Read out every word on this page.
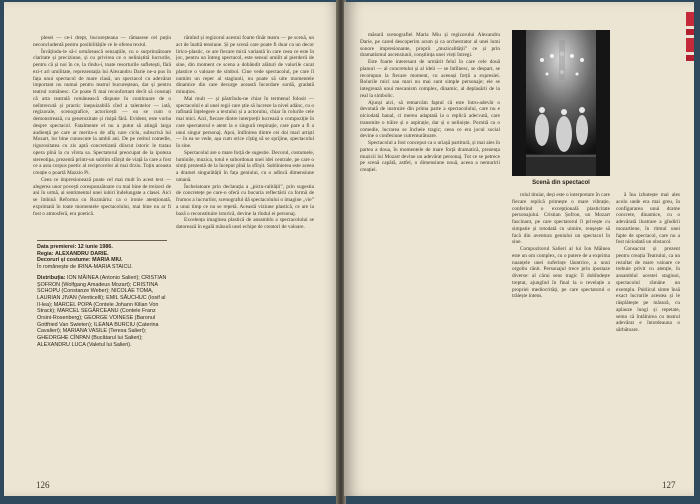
plesei — ce-i drept, bucureșteana — rămasese cei puțin neconcludentă pentru posibilitățile ce le oferea textul.

Învățindu-le să-i urmărească senzațiile, cu o surprinzătoare claritate și preciziune, și cu privirea ce o neliniștită lucrurile, pentru că și noi în ce, la rîndu-i, toate resorturile sufletești, fără ezi-t ari umilitate, reprezentația lui Alexandru Darie ne-a pus în fața unui spectacol de mare clasă, un spectacol cu adevărat important nu numai pentru teatrul bucureștean, dar și pentru teatrul românesc. Ce poate fi mai reconfortant decît să constați că arta teatrală românească dispune în continuare de o neîntrecută și practic inepuizabilă cînd a talentelor — iată, regizorale, scenografice, actoricești — ea se cum o demonstrează, cu generozitate și risipă fără. Evident, este vorba despre spectacol. Fatalmente el nu a putut să atingă larga audiență pe care ar merita-o de afiș care ciclu, subscrisă lui Mozart, lor bine cunoscute la ambii ani. De pe cetitul comedie, rigurositatea cu zis aptă concretizată diiscut istoric le tratau opera pînă la cu vîrsta sa. Spectatorul preocupat de la ipoteza stereotipa, prezentă printr-un sublim sfârșit de viață la care a fost ce a asta corpus poetic al reciprocelor al mai tîrziu. Toțin aceasta creație o poartă Mazzio Pi.

Ceea ce impresionează poate cel mai mult în acest text — alegerea unor povești corespunzătoare cu mai bine de treizeci de ani în urmă, ai sentimentul unei iubiri îndelungate a clasei. Aici se îmbină Reforma cu Rozmăriu: ca o ironie atenționată, exprimată în toate momentele spectacolului, mai bine nu ar fi fost o atmosferă, era poetică.

Data premierei: 12 iunie 1986.
Regia: ALEXANDRU DARIE.
Decoruri și costume: MARIA MIU.
În românește de IRINA-MARIA STAICU.
Distribuția: ION MĂINEA (Antonio Salieri); CRISTIAN ȘOFRON (Wolfgang Amadeus Mozart); CRISTINA SCHOPU (Constanze Weber); NICOLAE TOMA, LAURIAN JIVAN (Venticelli); EMIL SĂUCHUC (Iosif al II-lea); MARCEL POPA (Contele Johann Kilian Von Strack); MARCEL SEGĂRCEANU (Contele Franz Orsini-Rosenberg); GEORGE VOINESE (Baronul Gottfried Van Swieten); ILEANA BURCIU (Caterina Cavalieri); MARIANA VASILE (Teresa Salieri); GHEORGHE CÎNPAN (Bucătarul lui Salieri); ALEXANDRU LUCA (Valetul lui Salieri).

rămînd și regizorul acestui foarte tînăr teatru — pe scenă, un act de înaltă tensiune. Și pe scenă care poate fi doar ca un decor lirico-plastic, ce are fiecare mică variantă în care ceea ce este în joc, pentru un întreg spectacol, este sensul umilit al pierderii de sine, din moment ce scena a dobândit alături de valorile curat plastice o valoare de simbol. Cine vede spectacolul, pe care îl numim un reper al stagiunii, nu poate să uite momentele dinamice din care decurge această încordare surdă, gradată minuțios.

Mai mult — și păstrîndu-ne chiar în termenul folosit — spectacolul e al unei regii care știe să lucreze la nivel adânc, cu o rafinată înțelegere a textului și a actorului, chiar în rolurile cele mai mici. Aici, fiecare dintre interpreții lucrează o compoziție în care spectatorul e atent la o singură respirație, care pare a fi a unui singur personaj. Apoi, întîlnirea dintre cei doi mari artiști — în ea se vede, așa cum orice cîștig să se sprijine, spectacolul în sine.

Spectacolul are o mare forță de sugestie. Decorul, costumele, luminile, muzica, totul e subordonat unei idei centrale, pe care o simți prezentă de la început pînă la sfîrșit. Sublinierea este aceea a dramei singurătății în fața geniului, cu o adîncă dimensiune umană.

Încheiatoare prin declarația a „pictu-ralității”, prin sugestia de concretețe pe care-o oferă cu bucuria reflectării ca formă de frumos a lucrurilor, scenograful dă spectacolului o imagine „vie” a unui timp ce nu se repetă. Această viziune plastică, ce are la bază o reconstituire istorică, devine la rîndul ei personaj.

Excelența imaginea plastică de ansamblu a spectacolului se datorează în egală măsură unei echipe de creatori de valoare.

126

măsură scenografiei Maria Miu și regizorului Alexandru Darie, pe cared descoperim acum și ca orchestrator al unei lumi sonore impresionante, proprii „muzicalității” ce și prin dramatismul ascensiunii, conștiința unei vieți întregi.

Este foarte interesant de urmărit felul în care cele două planuri — al concretului și al ideii — se întîlnesc, se despart, se recompun la fiecare moment, cu aceeași forță a expresiei. Rolurile mici sau mari nu mai sunt simple personaje; ele se integrează unui mecanism complex, dinamic, al deplasării de la real la simbolic.

Ajunși aici, să remarcăm faptul că este întru-adevăr o devotată de instruire din prima parte a spectacolului, care nu e niciodată banal, ci mereu adaptată la o replică adecvată, care transmite o trăire și o aspirație, dar și o neliniște. Pornită ca o comedie, lucrarea se încheie tragic; ceea ce era jocul social devine o confesiune cutremurătoare.

Spectacolul a fost conceput ca o uriașă partitură, și mai ales în partea a doua, în momentele de mare forță dramatică, prezența muzicii lui Mozart devine un adevărat personaj. Tot ce se petrece pe scenă capătă, astfel, o dimensiune nouă, aceea a nemuririi creației.

Scenă din spectacol

rolul titular, deși este o interpretare în care fiecare replică primește o mare vibrație, conferind o excepțională plasticitate personajului. Cristian Șofron, un Mozart fascinant, pe care spectatorul îl privește cu simpatie și totodată cu uimire, reușește să facă din aventura geniului un spectacol în sine.

Compozitorul Salieri al lui Ion Măinea este un om complex, cu o putere de a exprima nuanțele unei suferințe lăuntrice, a unui orgoliu rănit. Personajul trece prin ipostaze diverse: al cărui sens tragic îl dobîndește treptat, ajungînd în final la o revelație a propriei mediocrități, pe care spectatorul o trăiește intens.

ă îna izbutește mai ales acolo unde era mai greu, în configurarea unui drame concrete, dinamice, cu o adevărată ilustrare a gîndirii mozartiene, în ritmul unei fapte de spectacol, care nu a fost niciodată un obstacol.

Consacrat și prezent pentru creația Teatrului, ca un rezultat de mare valoare ce trebuie privit cu atenție, în ansamblul acestei stagiuni, spectacolul rămâne un exemplu. Publicul simte însă exact lucrurile acestea și le răsplătește pe măsură, cu aplauze lungi și repetate, semn că întâlnirea cu teatrul adevărat e întotdeauna o sărbătoare.

127
